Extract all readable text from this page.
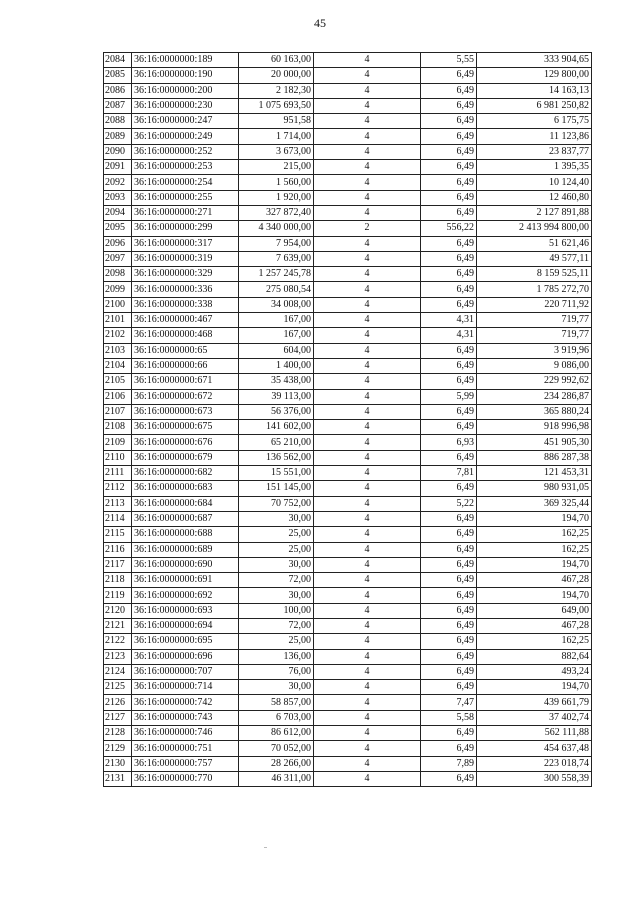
45
2084	36:16:0000000:189	60 163,00	4	5,55	333 904,65
2085	36:16:0000000:190	20 000,00	4	6,49	129 800,00
2086	36:16:0000000:200	2 182,30	4	6,49	14 163,13
2087	36:16:0000000:230	1 075 693,50	4	6,49	6 981 250,82
2088	36:16:0000000:247	951,58	4	6,49	6 175,75
2089	36:16:0000000:249	1 714,00	4	6,49	11 123,86
2090	36:16:0000000:252	3 673,00	4	6,49	23 837,77
2091	36:16:0000000:253	215,00	4	6,49	1 395,35
2092	36:16:0000000:254	1 560,00	4	6,49	10 124,40
2093	36:16:0000000:255	1 920,00	4	6,49	12 460,80
2094	36:16:0000000:271	327 872,40	4	6,49	2 127 891,88
2095	36:16:0000000:299	4 340 000,00	2	556,22	2 413 994 800,00
2096	36:16:0000000:317	7 954,00	4	6,49	51 621,46
2097	36:16:0000000:319	7 639,00	4	6,49	49 577,11
2098	36:16:0000000:329	1 257 245,78	4	6,49	8 159 525,11
2099	36:16:0000000:336	275 080,54	4	6,49	1 785 272,70
2100	36:16:0000000:338	34 008,00	4	6,49	220 711,92
2101	36:16:0000000:467	167,00	4	4,31	719,77
2102	36:16:0000000:468	167,00	4	4,31	719,77
2103	36:16:0000000:65	604,00	4	6,49	3 919,96
2104	36:16:0000000:66	1 400,00	4	6,49	9 086,00
2105	36:16:0000000:671	35 438,00	4	6,49	229 992,62
2106	36:16:0000000:672	39 113,00	4	5,99	234 286,87
2107	36:16:0000000:673	56 376,00	4	6,49	365 880,24
2108	36:16:0000000:675	141 602,00	4	6,49	918 996,98
2109	36:16:0000000:676	65 210,00	4	6,93	451 905,30
2110	36:16:0000000:679	136 562,00	4	6,49	886 287,38
2111	36:16:0000000:682	15 551,00	4	7,81	121 453,31
2112	36:16:0000000:683	151 145,00	4	6,49	980 931,05
2113	36:16:0000000:684	70 752,00	4	5,22	369 325,44
2114	36:16:0000000:687	30,00	4	6,49	194,70
2115	36:16:0000000:688	25,00	4	6,49	162,25
2116	36:16:0000000:689	25,00	4	6,49	162,25
2117	36:16:0000000:690	30,00	4	6,49	194,70
2118	36:16:0000000:691	72,00	4	6,49	467,28
2119	36:16:0000000:692	30,00	4	6,49	194,70
2120	36:16:0000000:693	100,00	4	6,49	649,00
2121	36:16:0000000:694	72,00	4	6,49	467,28
2122	36:16:0000000:695	25,00	4	6,49	162,25
2123	36:16:0000000:696	136,00	4	6,49	882,64
2124	36:16:0000000:707	76,00	4	6,49	493,24
2125	36:16:0000000:714	30,00	4	6,49	194,70
2126	36:16:0000000:742	58 857,00	4	7,47	439 661,79
2127	36:16:0000000:743	6 703,00	4	5,58	37 402,74
2128	36:16:0000000:746	86 612,00	4	6,49	562 111,88
2129	36:16:0000000:751	70 052,00	4	6,49	454 637,48
2130	36:16:0000000:757	28 266,00	4	7,89	223 018,74
2131	36:16:0000000:770	46 311,00	4	6,49	300 558,39
